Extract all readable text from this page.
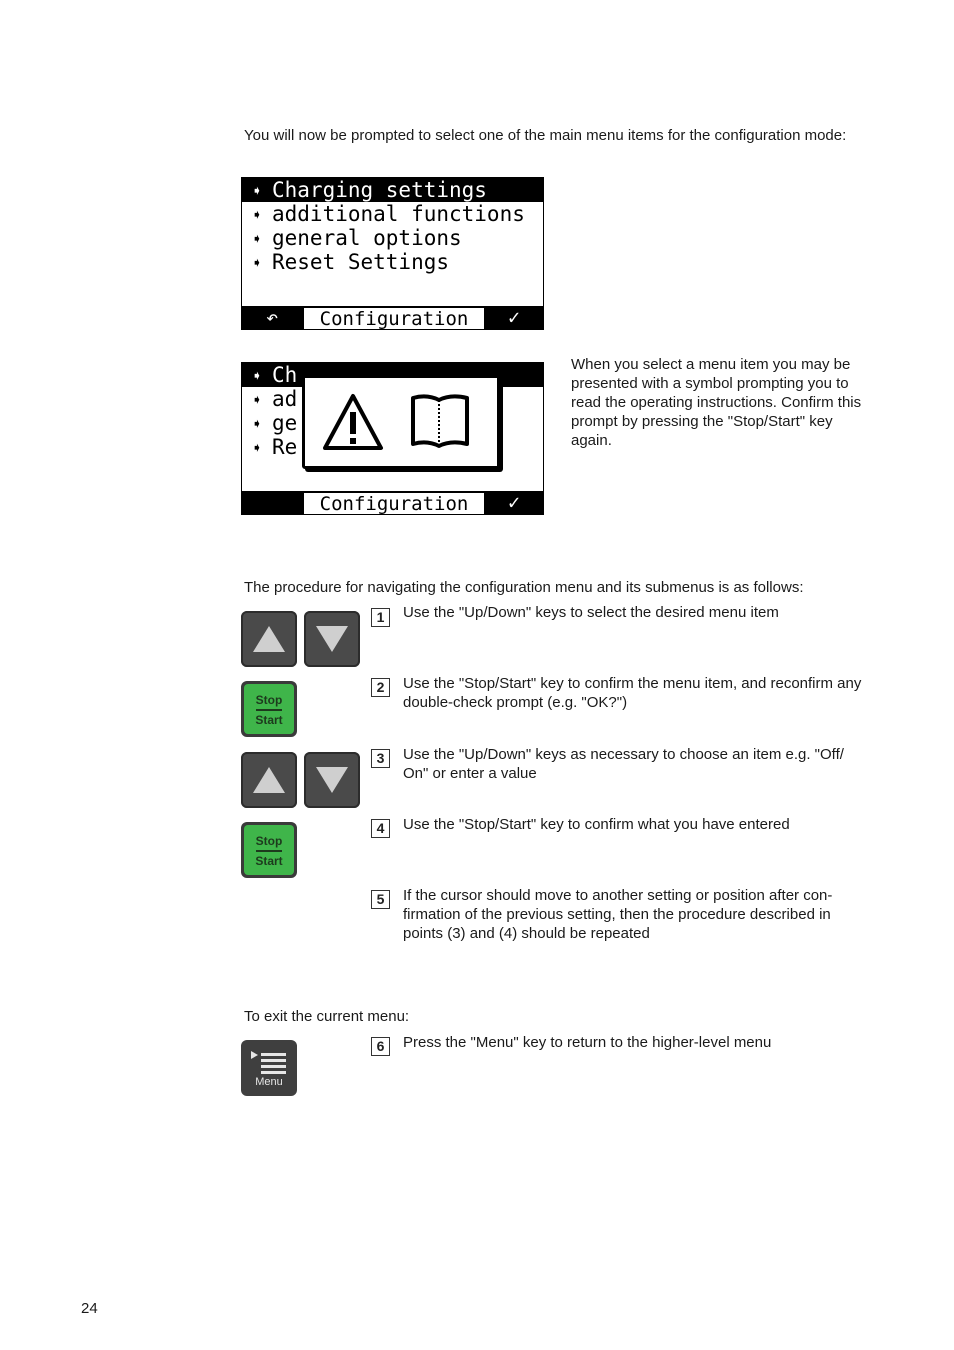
You will now be prompted to select one of the main menu items for the configuration mode:
➧ Charging settings
➧ additional functions
➧ general options
➧ Reset Settings
↶	Configuration	✓
➧ Ch
➧ ad
➧ ge
➧ Re
Configuration	✓
When you select a menu item you may be presented with a symbol prompting you to read the operating instructions. Confirm this prompt by pressing the "Stop/Start" key again.
The procedure for navigating the configuration menu and its submenus is as follows:
Stop
Start
Stop
Start
1	Use the "Up/Down" keys to select the desired menu item
2	Use the "Stop/Start" key to confirm the menu item, and reconfirm any double-check prompt (e.g. "OK?")
3	Use the "Up/Down" keys as necessary to choose an item e.g. "Off/ On" or enter a value
4	Use the "Stop/Start" key to confirm what you have entered
5	If the cursor should move to another setting or position after con-firmation of the previous setting, then the procedure described in points (3) and (4) should be repeated
To exit the current menu:
Menu
6	Press the "Menu" key to return to the higher-level menu
24
